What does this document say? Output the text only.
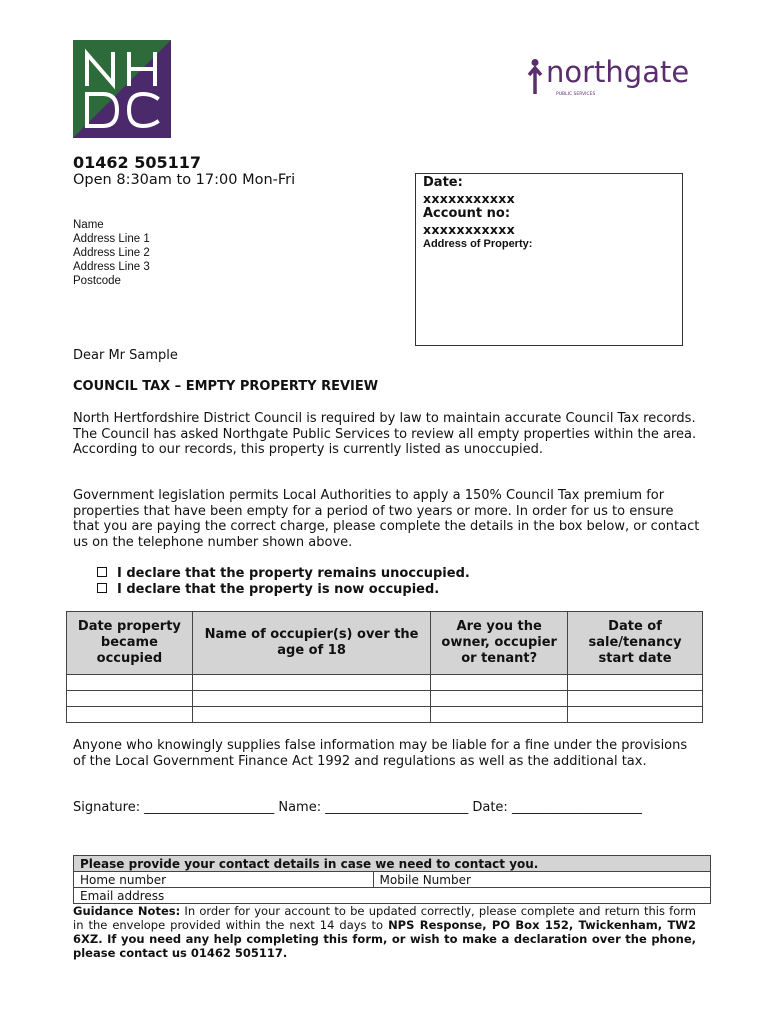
northgate
PUBLIC SERVICES
01462 505117
Open 8:30am to 17:00 Mon-Fri
Name
Address Line 1
Address Line 2
Address Line 3
Postcode
Date:
xxxxxxxxxxx
Account no:
xxxxxxxxxxx
Address of Property:
Dear Mr Sample
COUNCIL TAX – EMPTY PROPERTY REVIEW
North Hertfordshire District Council is required by law to maintain accurate Council Tax records. The Council has asked Northgate Public Services to review all empty properties within the area. According to our records, this property is currently listed as unoccupied.
Government legislation permits Local Authorities to apply a 150% Council Tax premium for properties that have been empty for a period of two years or more. In order for us to ensure that you are paying the correct charge, please complete the details in the box below, or contact us on the telephone number shown above.
I declare that the property remains unoccupied.
I declare that the property is now occupied.
Date property became occupied	Name of occupier(s) over the age of 18	Are you the owner, occupier or tenant?	Date of sale/tenancy start date

Anyone who knowingly supplies false information may be liable for a fine under the provisions of the Local Government Finance Act 1992 and regulations as well as the additional tax.
Signature: ____________________ Name: ______________________ Date: ____________________
Please provide your contact details in case we need to contact you.
Home number	Mobile Number
Email address
Guidance Notes: In order for your account to be updated correctly, please complete and return this form in the envelope provided within the next 14 days to NPS Response, PO Box 152, Twickenham, TW2 6XZ. If you need any help completing this form, or wish to make a declaration over the phone, please contact us 01462 505117.
